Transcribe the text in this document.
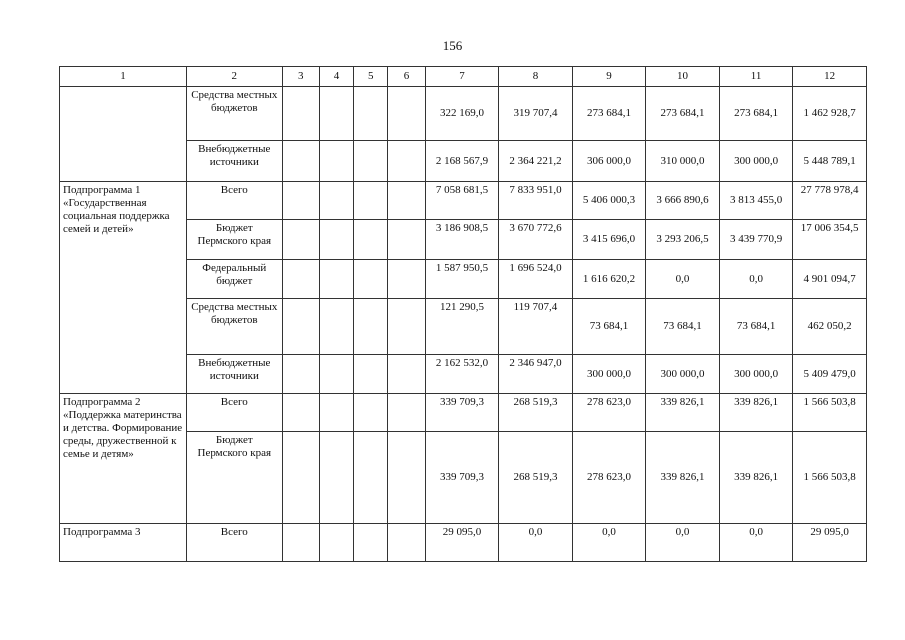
156
1	2	3	4	5	6	7	8	9	10	11	12
	Средства местных бюджетов					322 169,0	319 707,4	273 684,1	273 684,1	273 684,1	1 462 928,7
	Внебюджетные источники					2 168 567,9	2 364 221,2	306 000,0	310 000,0	300 000,0	5 448 789,1
Подпрограмма 1 «Государственная социальная поддержка семей и детей»	Всего					7 058 681,5	7 833 951,0	5 406 000,3	3 666 890,6	3 813 455,0	27 778 978,4
	Бюджет Пермского края					3 186 908,5	3 670 772,6	3 415 696,0	3 293 206,5	3 439 770,9	17 006 354,5
	Федеральный бюджет					1 587 950,5	1 696 524,0	1 616 620,2	0,0	0,0	4 901 094,7
	Средства местных бюджетов					121 290,5	119 707,4	73 684,1	73 684,1	73 684,1	462 050,2
	Внебюджетные источники					2 162 532,0	2 346 947,0	300 000,0	300 000,0	300 000,0	5 409 479,0
Подпрограмма 2 «Поддержка материнства и детства. Формирование среды, дружественной к семье и детям»	Всего					339 709,3	268 519,3	278 623,0	339 826,1	339 826,1	1 566 503,8
	Бюджет Пермского края					339 709,3	268 519,3	278 623,0	339 826,1	339 826,1	1 566 503,8
Подпрограмма 3	Всего					29 095,0	0,0	0,0	0,0	0,0	29 095,0
